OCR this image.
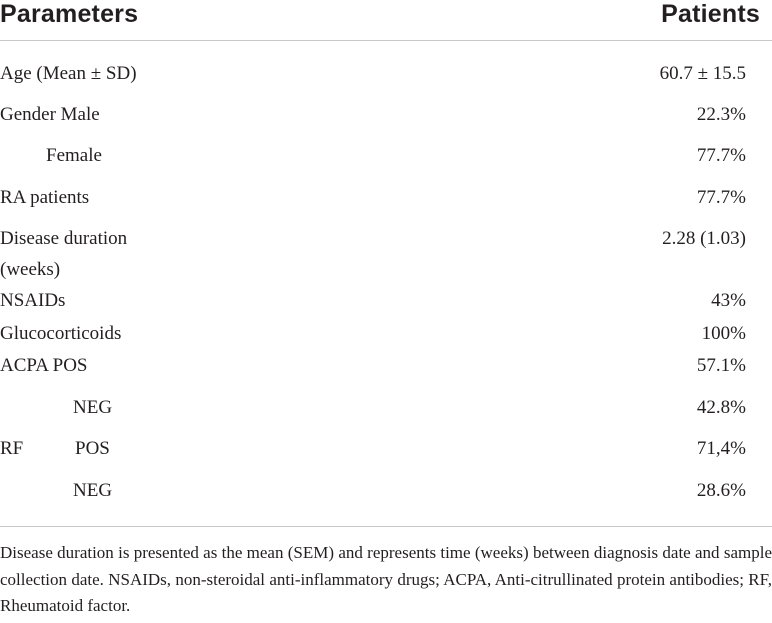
Parameters	Patients
Age (Mean ± SD)	60.7 ± 15.5
Gender Male	22.3%
Female	77.7%
RA patients	77.7%
Disease duration	2.28 (1.03)
(weeks)
NSAIDs	43%
Glucocorticoids	100%
ACPA POS	57.1%
NEG	42.8%
RF	POS	71,4%
NEG	28.6%
Disease duration is presented as the mean (SEM) and represents time (weeks) between diagnosis date and sample collection date. NSAIDs, non-steroidal anti-inflammatory drugs; ACPA, Anti-citrullinated protein antibodies; RF, Rheumatoid factor.
